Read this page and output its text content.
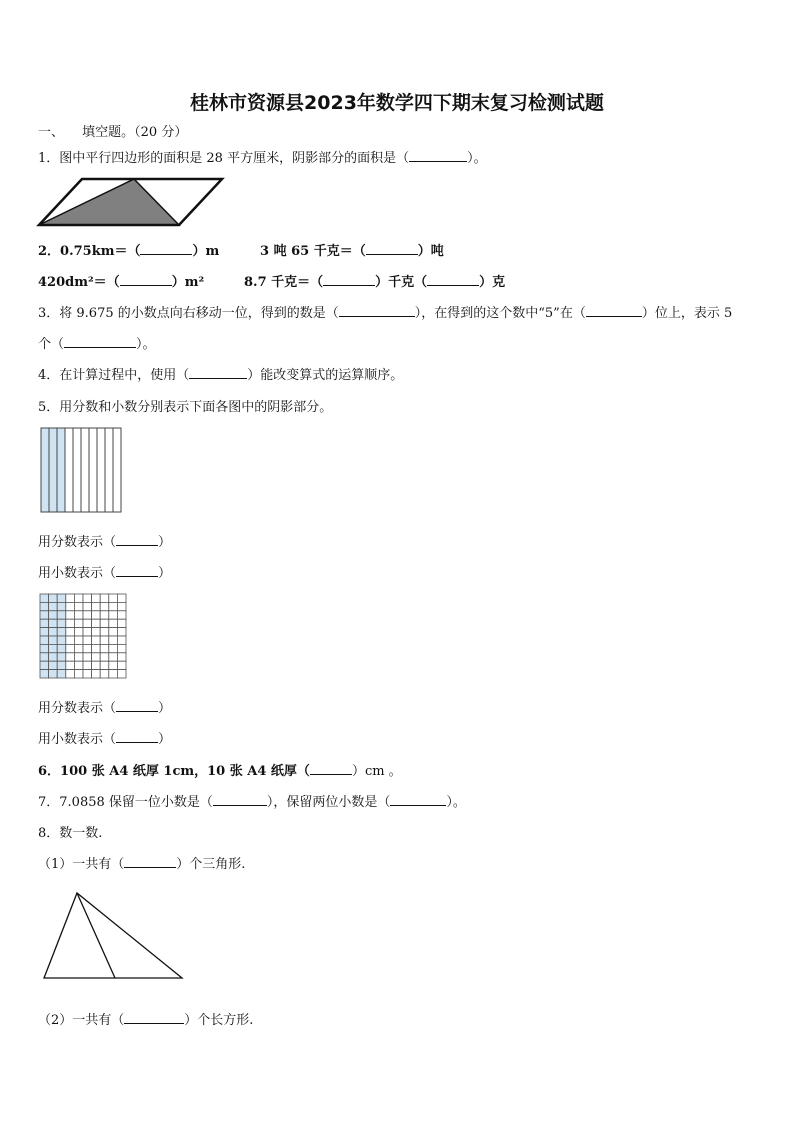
桂林市资源县2023年数学四下期末复习检测试题
一、 填空题。（20 分）
1．图中平行四边形的面积是 28 平方厘米，阴影部分的面积是（	）。
2．0.75km＝（	）m	3 吨 65 千克＝（	）吨
420dm²＝（	）m²	8.7 千克＝（	）千克（	）克
3．将 9.675 的小数点向右移动一位，得到的数是（	），在得到的这个数中“5”在（	）位上，表示 5
个（	）。
4．在计算过程中，使用（	）能改变算式的运算顺序。
5．用分数和小数分别表示下面各图中的阴影部分。
用分数表示（	）
用小数表示（	）
用分数表示（	）
用小数表示（	）
6．100 张 A4 纸厚 1cm，10 张 A4 纸厚（	）cm 。
7．7.0858 保留一位小数是（	），保留两位小数是（	）。
8．数一数.
（1）一共有（	）个三角形.
（2）一共有（	）个长方形.
